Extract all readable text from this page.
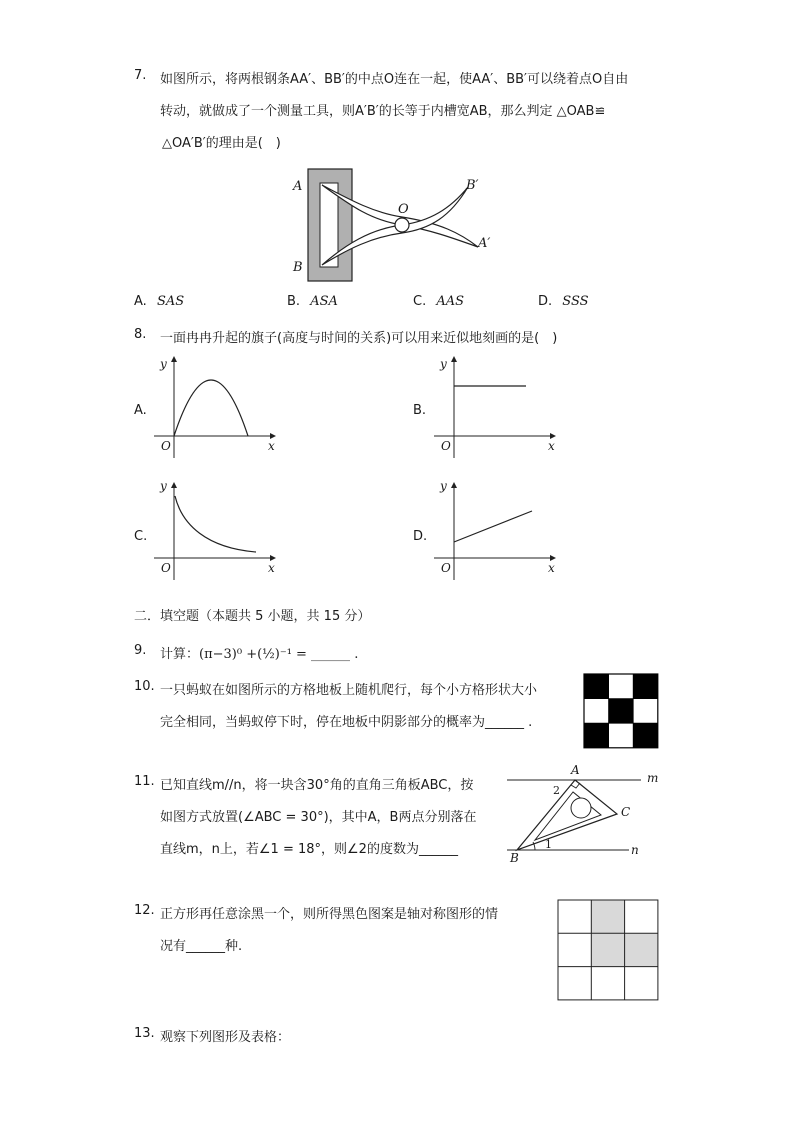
7. 如图所示，将两根钢条AA′、BB′的中点O连在一起，使AA′、BB′可以绕着点O自由
转动，就做成了一个测量工具，则A′B′的长等于内槽宽AB，那么判定 △OAB≌
△OA′B′的理由是(　)
A
B
O
B′
A′
A. SAS	B. ASA	C. AAS	D. SSS
8. 一面冉冉升起的旗子(高度与时间的关系)可以用来近似地刻画的是(　)
A.
y
x
O
B.
y
x
O
C.
y
x
O
D.
y
x
O
二．填空题（本题共 5 小题，共 15 分）
9. 计算：(π−3)⁰ +(½)⁻¹ = ______ .
10. 一只蚂蚁在如图所示的方格地板上随机爬行，每个小方格形状大小
完全相同，当蚂蚁停下时，停在地板中阴影部分的概率为______ .
11. 已知直线m//n，将一块含30°角的直角三角板ABC，按
如图方式放置(∠ABC = 30°)，其中A，B两点分别落在
直线m，n上，若∠1 = 18°，则∠2的度数为______
A
m
C
B
n
1
2
12. 正方形再任意涂黑一个，则所得黑色图案是轴对称图形的情
况有______种.
13. 观察下列图形及表格：
